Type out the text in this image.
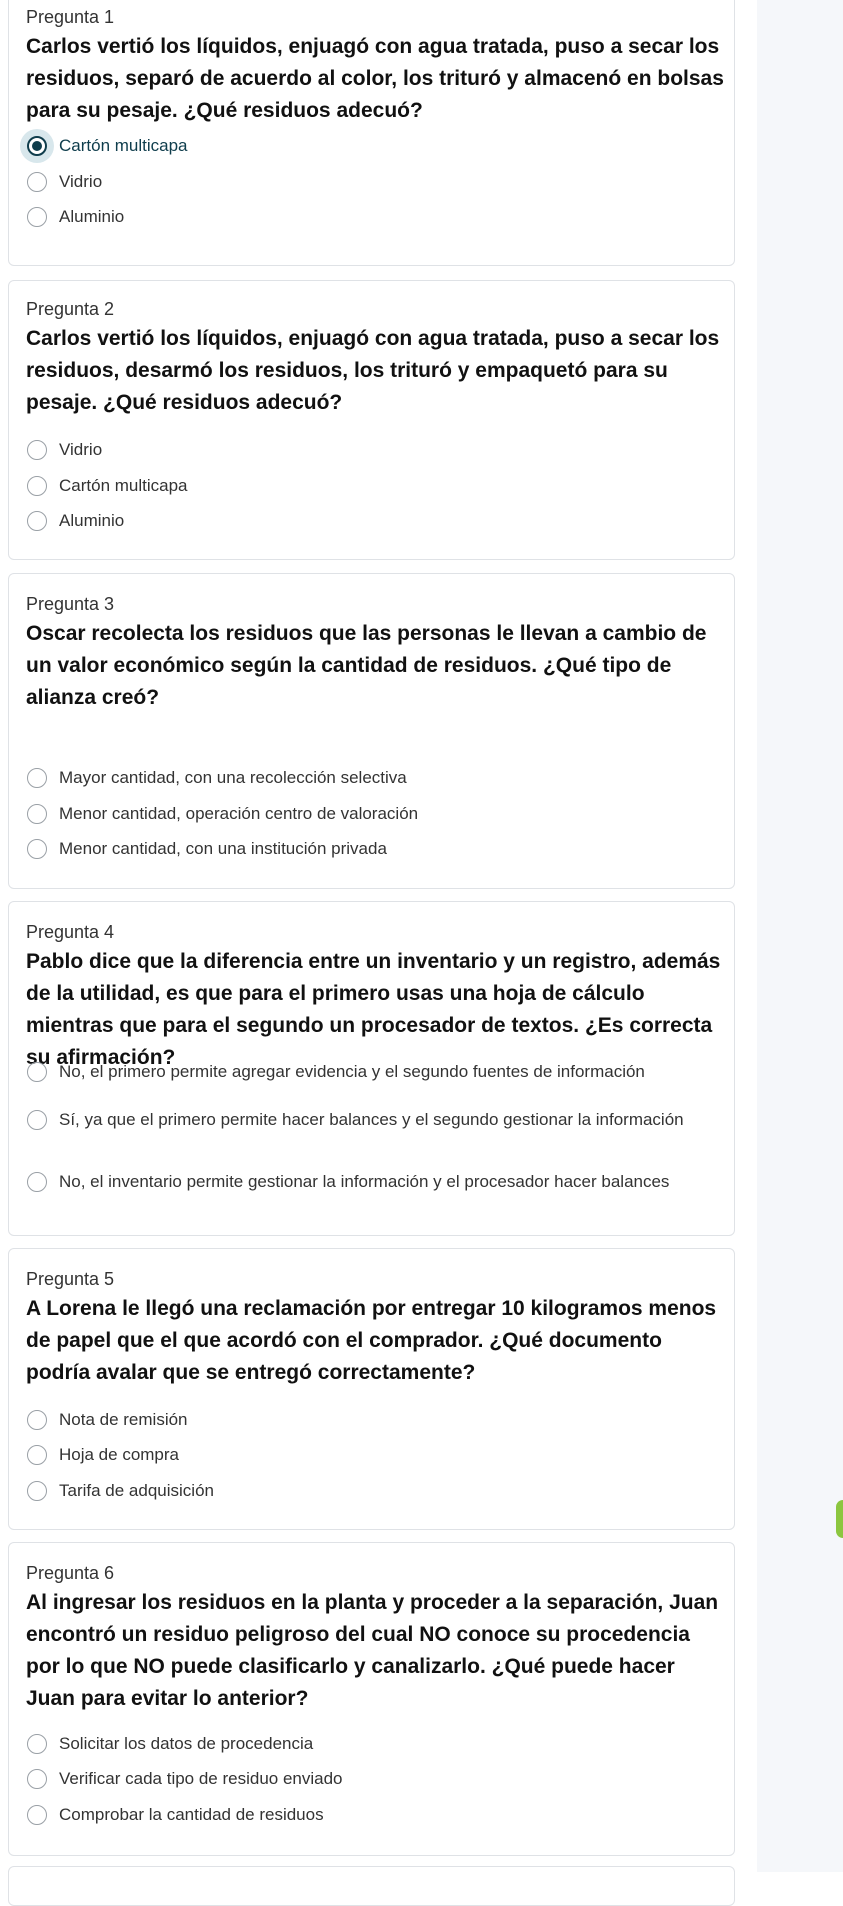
Pregunta 1
Carlos vertió los líquidos, enjuagó con agua tratada, puso a secar los residuos, separó de acuerdo al color, los trituró y almacenó en bolsas para su pesaje. ¿Qué residuos adecuó?
Cartón multicapa
Vidrio
Aluminio
Pregunta 2
Carlos vertió los líquidos, enjuagó con agua tratada, puso a secar los residuos, desarmó los residuos, los trituró y empaquetó para su pesaje. ¿Qué residuos adecuó?
Vidrio
Cartón multicapa
Aluminio
Pregunta 3
Oscar recolecta los residuos que las personas le llevan a cambio de un valor económico según la cantidad de residuos. ¿Qué tipo de alianza creó?
Mayor cantidad, con una recolección selectiva
Menor cantidad, operación centro de valoración
Menor cantidad, con una institución privada
Pregunta 4
Pablo dice que la diferencia entre un inventario y un registro, además de la utilidad, es que para el primero usas una hoja de cálculo mientras que para el segundo un procesador de textos. ¿Es correcta su afirmación?
No, el primero permite agregar evidencia y el segundo fuentes de información
Sí, ya que el primero permite hacer balances y el segundo gestionar la información
No, el inventario permite gestionar la información y el procesador hacer balances
Pregunta 5
A Lorena le llegó una reclamación por entregar 10 kilogramos menos de papel que el que acordó con el comprador. ¿Qué documento podría avalar que se entregó correctamente?
Nota de remisión
Hoja de compra
Tarifa de adquisición
Pregunta 6
Al ingresar los residuos en la planta y proceder a la separación, Juan encontró un residuo peligroso del cual NO conoce su procedencia por lo que NO puede clasificarlo y canalizarlo. ¿Qué puede hacer Juan para evitar lo anterior?
Solicitar los datos de procedencia
Verificar cada tipo de residuo enviado
Comprobar la cantidad de residuos
